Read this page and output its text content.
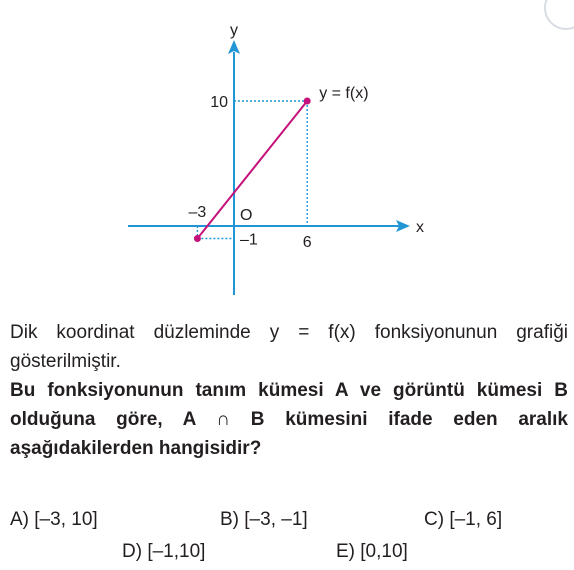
y
x
O
–3
6
10
–1
y = f(x)

Dik koordinat düzleminde y = f(x) fonksiyonunun grafiği gösterilmiştir.

Bu fonksiyonunun tanım kümesi A ve görüntü kümesi B olduğuna göre, A ∩ B kümesini ifade eden aralık aşağıdakilerden hangisidir?

A) [–3, 10]	B) [–3, –1]	C) [–1, 6]
D) [–1,10]	E) [0,10]
